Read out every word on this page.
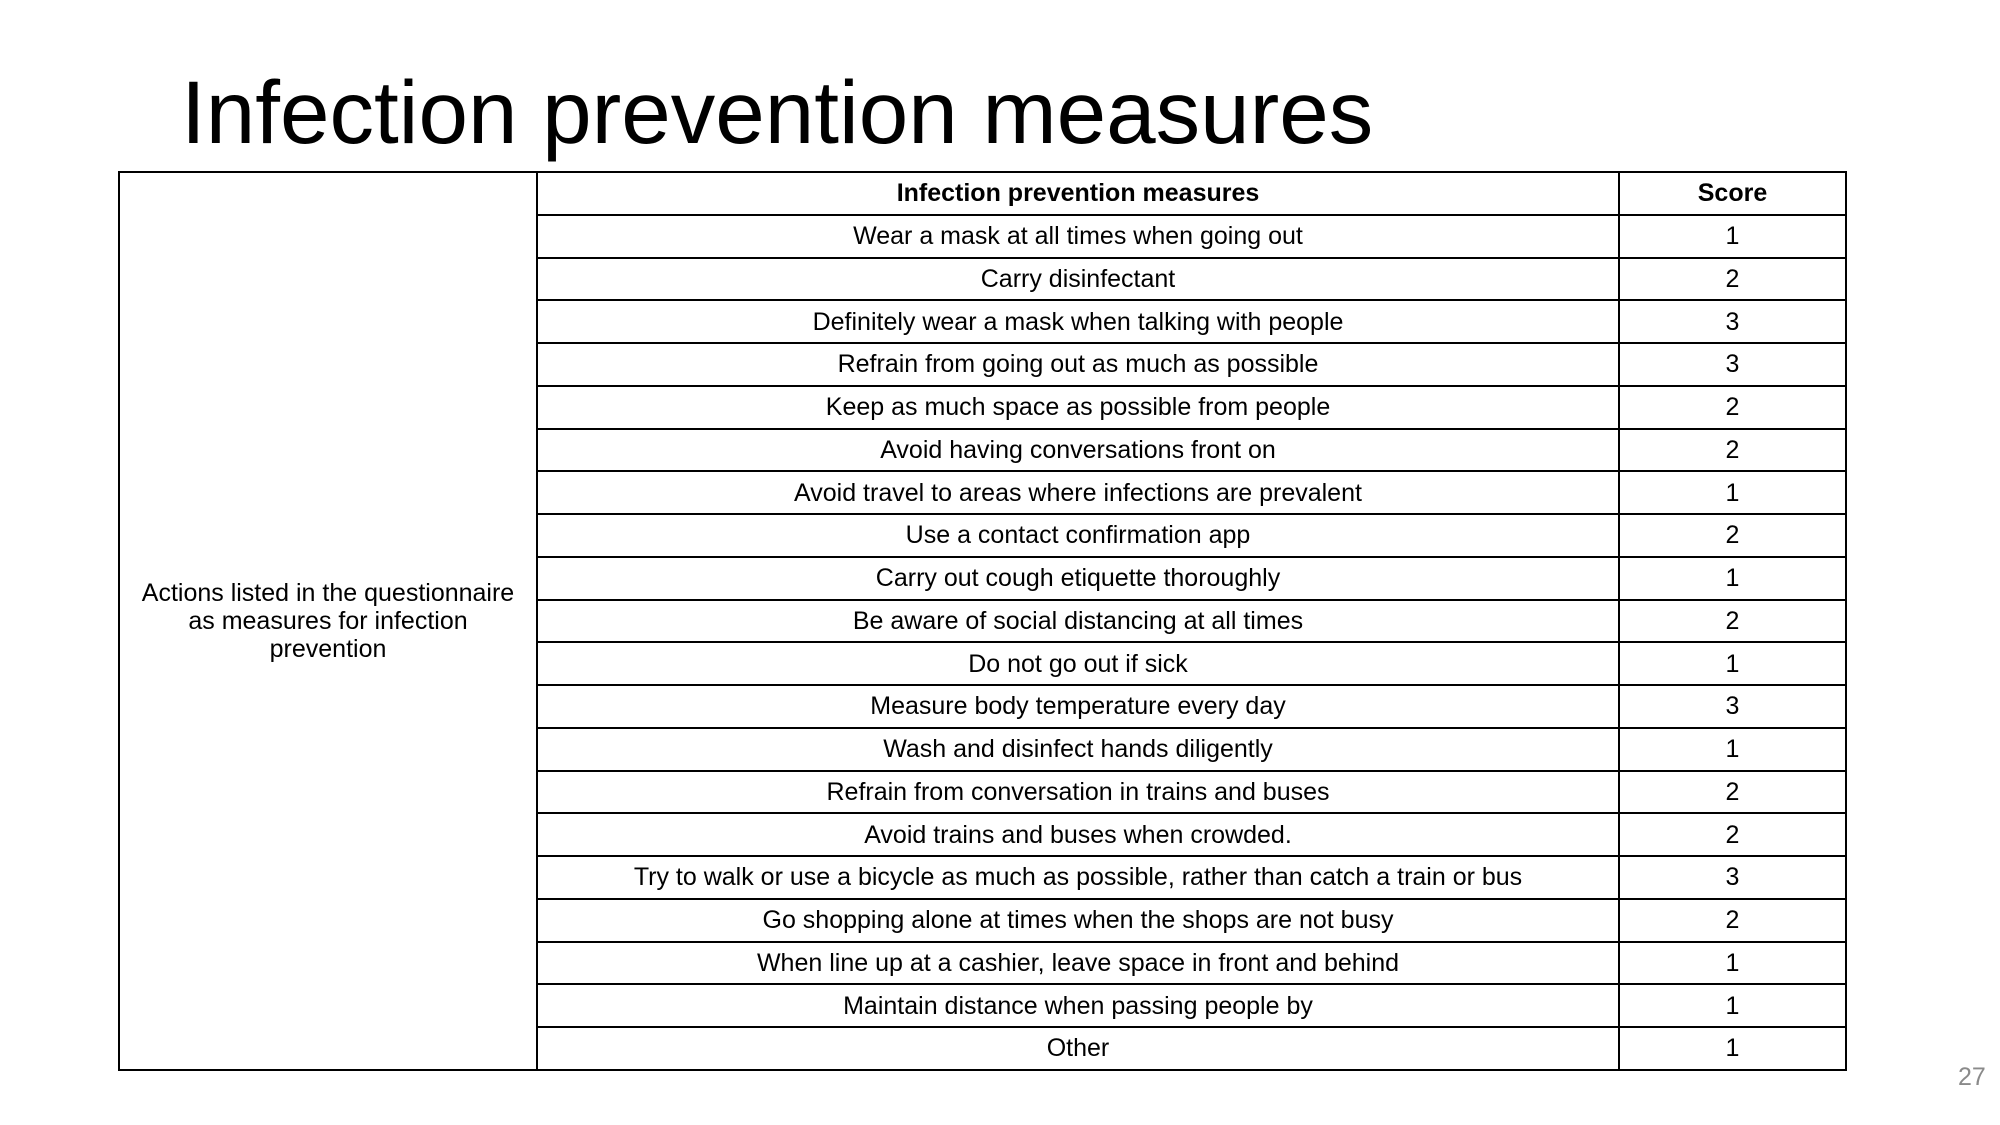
Infection prevention measures
Actions listed in the questionnaire as measures for infection prevention	Infection prevention measures	Score
	Wear a mask at all times when going out	1
	Carry disinfectant	2
	Definitely wear a mask when talking with people	3
	Refrain from going out as much as possible	3
	Keep as much space as possible from people	2
	Avoid having conversations front on	2
	Avoid travel to areas where infections are prevalent	1
	Use a contact confirmation app	2
	Carry out cough etiquette thoroughly	1
	Be aware of social distancing at all times	2
	Do not go out if sick	1
	Measure body temperature every day	3
	Wash and disinfect hands diligently	1
	Refrain from conversation in trains and buses	2
	Avoid trains and buses when crowded.	2
	Try to walk or use a bicycle as much as possible, rather than catch a train or bus	3
	Go shopping alone at times when the shops are not busy	2
	When line up at a cashier, leave space in front and behind	1
	Maintain distance when passing people by	1
	Other	1
27
